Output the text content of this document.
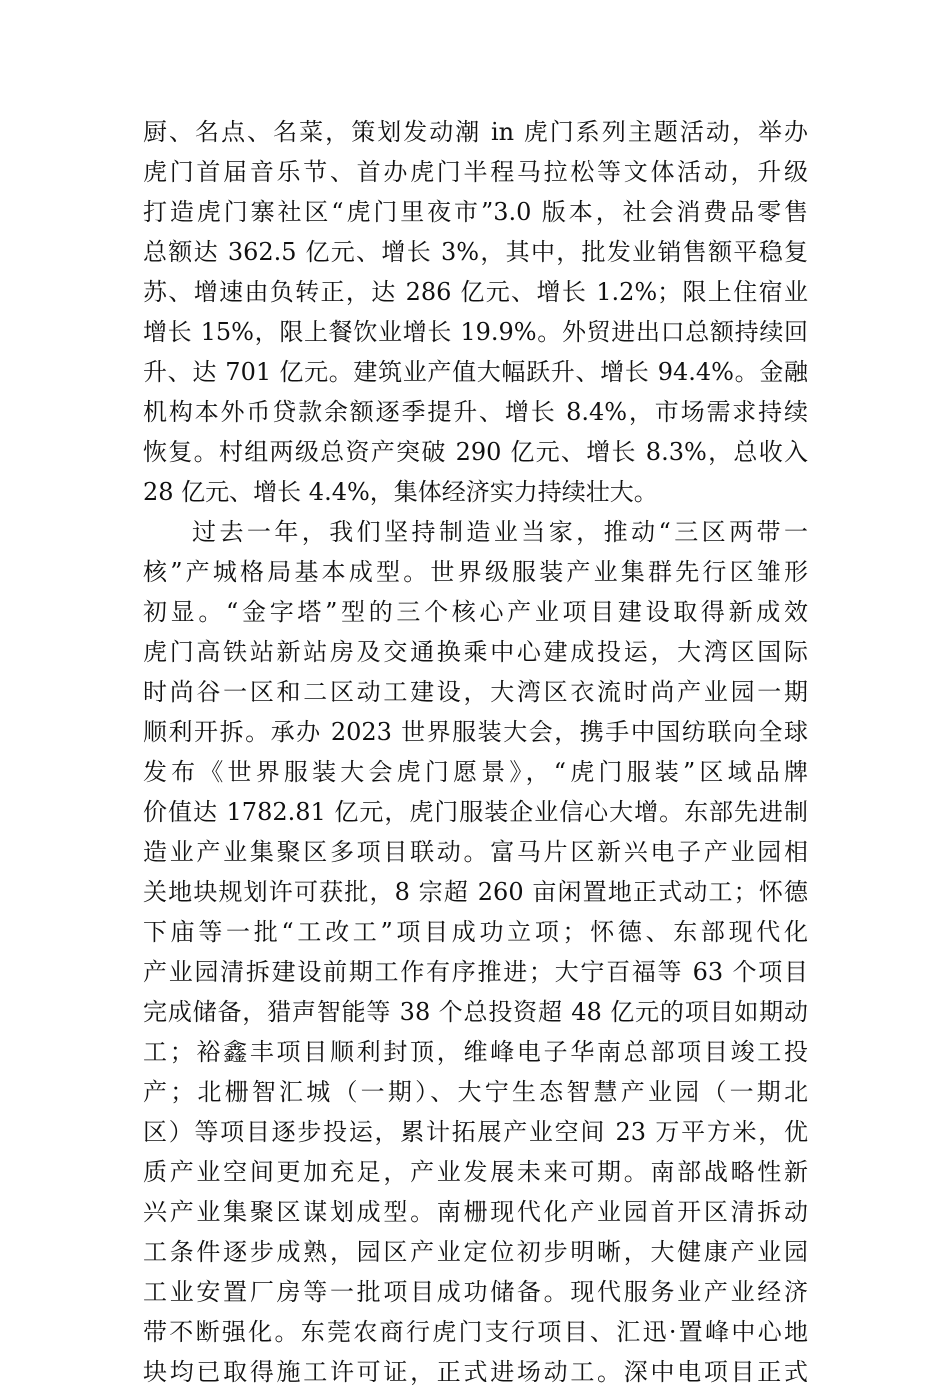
厨、名点、名菜，策划发动潮 in 虎门系列主题活动，举办
虎门首届音乐节、首办虎门半程马拉松等文体活动，升级
打造虎门寨社区“虎门里夜市”3.0 版本，社会消费品零售
总额达 362.5 亿元、增长 3%，其中，批发业销售额平稳复
苏、增速由负转正，达 286 亿元、增长 1.2%；限上住宿业
增长 15%，限上餐饮业增长 19.9%。外贸进出口总额持续回
升、达 701 亿元。建筑业产值大幅跃升、增长 94.4%。金融
机构本外币贷款余额逐季提升、增长 8.4%，市场需求持续
恢复。村组两级总资产突破 290 亿元、增长 8.3%，总收入
28 亿元、增长 4.4%，集体经济实力持续壮大。
过去一年，我们坚持制造业当家，推动“三区两带一
核”产城格局基本成型。世界级服装产业集群先行区雏形
初显。“金字塔”型的三个核心产业项目建设取得新成效
虎门高铁站新站房及交通换乘中心建成投运，大湾区国际
时尚谷一区和二区动工建设，大湾区衣流时尚产业园一期
顺利开拆。承办 2023 世界服装大会，携手中国纺联向全球
发布《世界服装大会虎门愿景》，“虎门服装”区域品牌
价值达 1782.81 亿元，虎门服装企业信心大增。东部先进制
造业产业集聚区多项目联动。富马片区新兴电子产业园相
关地块规划许可获批，8 宗超 260 亩闲置地正式动工；怀德
下庙等一批“工改工”项目成功立项；怀德、东部现代化
产业园清拆建设前期工作有序推进；大宁百福等 63 个项目
完成储备，猎声智能等 38 个总投资超 48 亿元的项目如期动
工；裕鑫丰项目顺利封顶，维峰电子华南总部项目竣工投
产；北栅智汇城（一期）、大宁生态智慧产业园（一期北
区）等项目逐步投运，累计拓展产业空间 23 万平方米，优
质产业空间更加充足，产业发展未来可期。南部战略性新
兴产业集聚区谋划成型。南栅现代化产业园首开区清拆动
工条件逐步成熟，园区产业定位初步明晰，大健康产业园
工业安置厂房等一批项目成功储备。现代服务业产业经济
带不断强化。东莞农商行虎门支行项目、汇迅·置峰中心地
块均已取得施工许可证，正式进场动工。深中电项目正式
